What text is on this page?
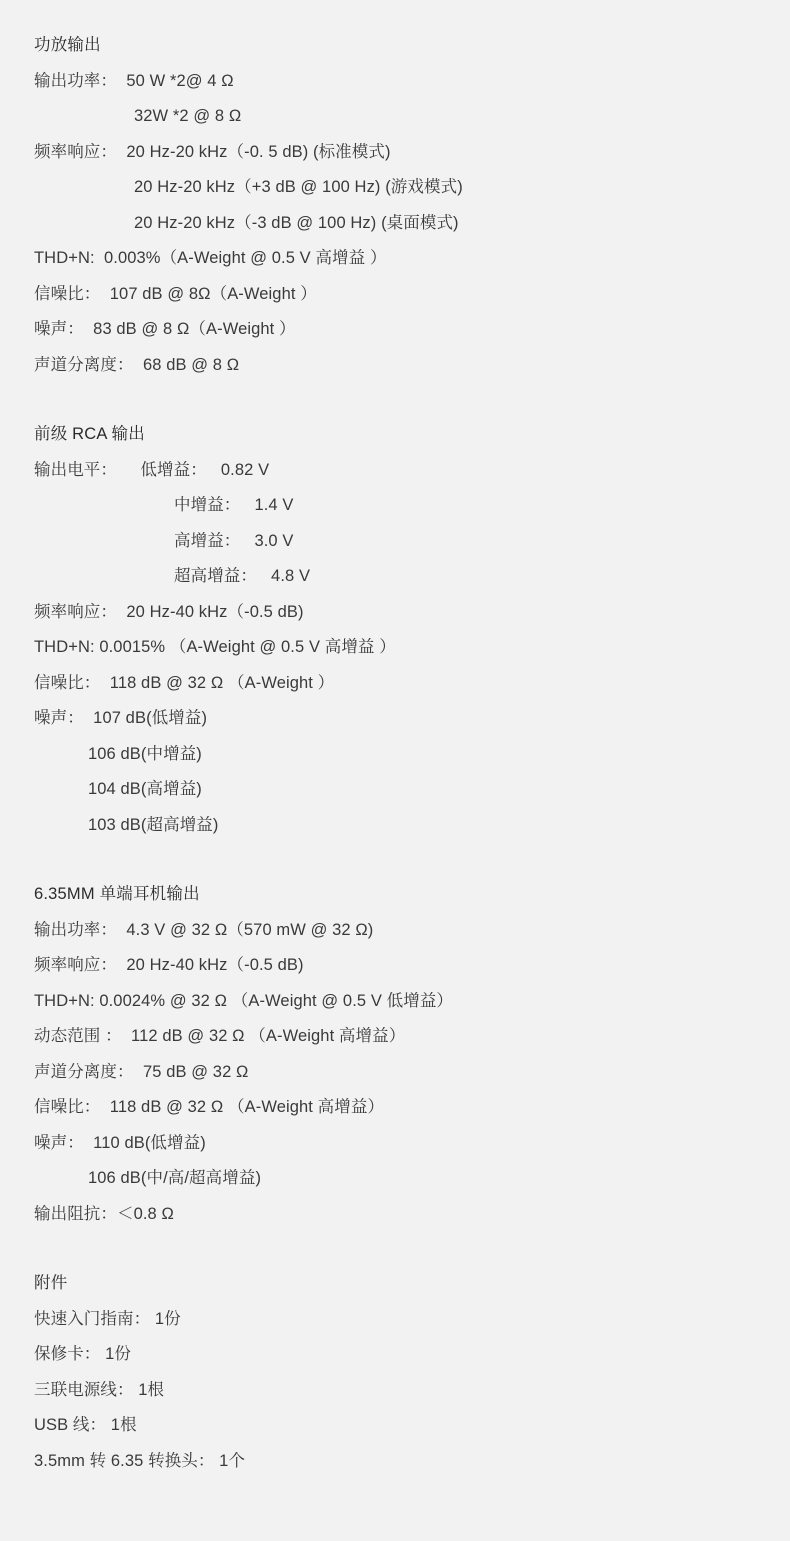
功放输出
输出功率：  50 W *2@ 4 Ω
32W *2 @ 8 Ω
频率响应：  20 Hz-20 kHz（-0. 5 dB) (标准模式)
20 Hz-20 kHz（+3 dB @ 100 Hz) (游戏模式)
20 Hz-20 kHz（-3 dB @ 100 Hz) (桌面模式)
THD+N:  0.003%（A-Weight @ 0.5 V 高增益 ）
信噪比：  107 dB @ 8Ω（A-Weight ）
噪声：  83 dB @ 8 Ω（A-Weight ）
声道分离度：  68 dB @ 8 Ω
前级 RCA 输出
输出电平：     低增益：   0.82 V
中增益：   1.4 V
高增益：   3.0 V
超高增益：   4.8 V
频率响应：  20 Hz-40 kHz（-0.5 dB)
THD+N: 0.0015% （A-Weight @ 0.5 V 高增益 ）
信噪比：  118 dB @ 32 Ω （A-Weight ）
噪声：  107 dB(低增益)
106 dB(中增益)
104 dB(高增益)
103 dB(超高增益)
6.35MM 单端耳机输出
输出功率：  4.3 V @ 32 Ω（570 mW @ 32 Ω)
频率响应：  20 Hz-40 kHz（-0.5 dB)
THD+N: 0.0024% @ 32 Ω （A-Weight @ 0.5 V 低增益）
动态范围 ：  112 dB @ 32 Ω （A-Weight 高增益）
声道分离度：  75 dB @ 32 Ω
信噪比：  118 dB @ 32 Ω （A-Weight 高增益）
噪声：  110 dB(低增益)
106 dB(中/高/超高增益)
输出阻抗：＜0.8 Ω
附件
快速入门指南： 1份
保修卡： 1份
三联电源线： 1根
USB 线： 1根
3.5mm 转 6.35 转换头： 1个
